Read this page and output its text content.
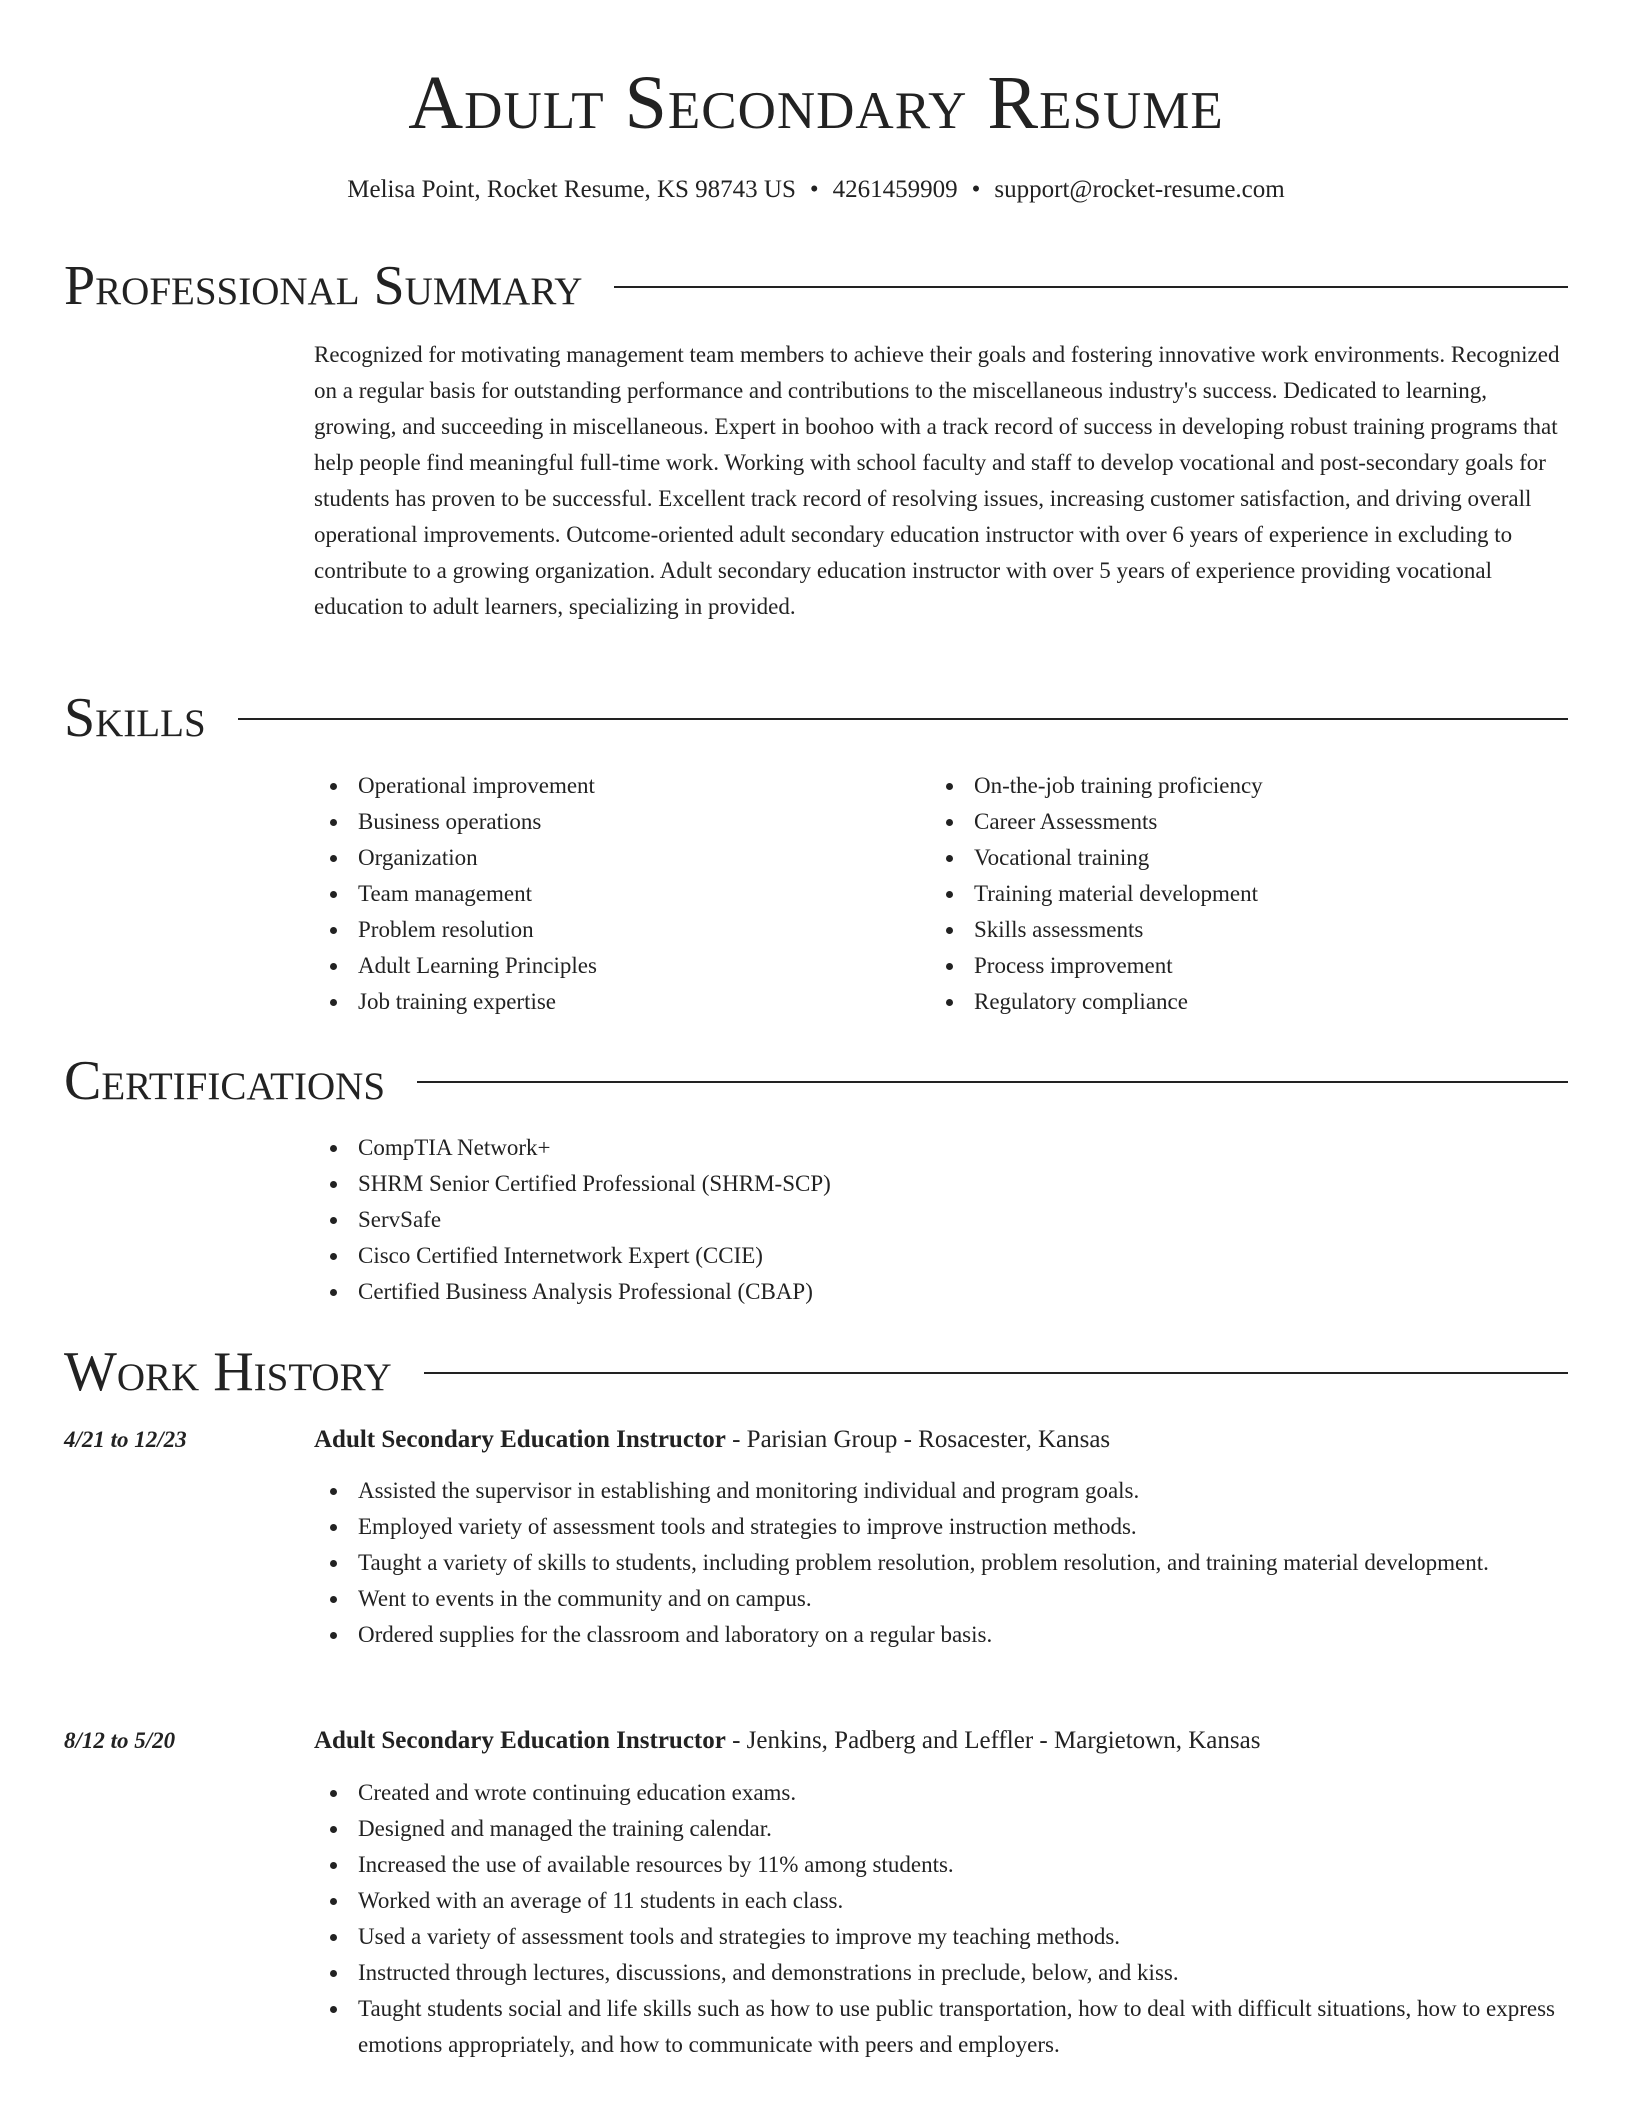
Adult Secondary Resume
Melisa Point, Rocket Resume, KS 98743 US • 4261459909 • support@rocket-resume.com
Professional Summary

Recognized for motivating management team members to achieve their goals and fostering innovative work environments. Recognized on a regular basis for outstanding performance and contributions to the miscellaneous industry's success. Dedicated to learning, growing, and succeeding in miscellaneous. Expert in boohoo with a track record of success in developing robust training programs that help people find meaningful full-time work. Working with school faculty and staff to develop vocational and post-secondary goals for students has proven to be successful. Excellent track record of resolving issues, increasing customer satisfaction, and driving overall operational improvements. Outcome-oriented adult secondary education instructor with over 6 years of experience in excluding to contribute to a growing organization. Adult secondary education instructor with over 5 years of experience providing vocational education to adult learners, specializing in provided.

Skills
Operational improvement
Business operations
Organization
Team management
Problem resolution
Adult Learning Principles
Job training expertise
On-the-job training proficiency
Career Assessments
Vocational training
Training material development
Skills assessments
Process improvement
Regulatory compliance
Certifications
CompTIA Network+
SHRM Senior Certified Professional (SHRM-SCP)
ServSafe
Cisco Certified Internetwork Expert (CCIE)
Certified Business Analysis Professional (CBAP)
Work History
4/21 to 12/23	Adult Secondary Education Instructor - Parisian Group - Rosacester, Kansas
Assisted the supervisor in establishing and monitoring individual and program goals.
Employed variety of assessment tools and strategies to improve instruction methods.
Taught a variety of skills to students, including problem resolution, problem resolution, and training material development.
Went to events in the community and on campus.
Ordered supplies for the classroom and laboratory on a regular basis.
8/12 to 5/20	Adult Secondary Education Instructor - Jenkins, Padberg and Leffler - Margietown, Kansas
Created and wrote continuing education exams.
Designed and managed the training calendar.
Increased the use of available resources by 11% among students.
Worked with an average of 11 students in each class.
Used a variety of assessment tools and strategies to improve my teaching methods.
Instructed through lectures, discussions, and demonstrations in preclude, below, and kiss.
Taught students social and life skills such as how to use public transportation, how to deal with difficult situations, how to express emotions appropriately, and how to communicate with peers and employers.
